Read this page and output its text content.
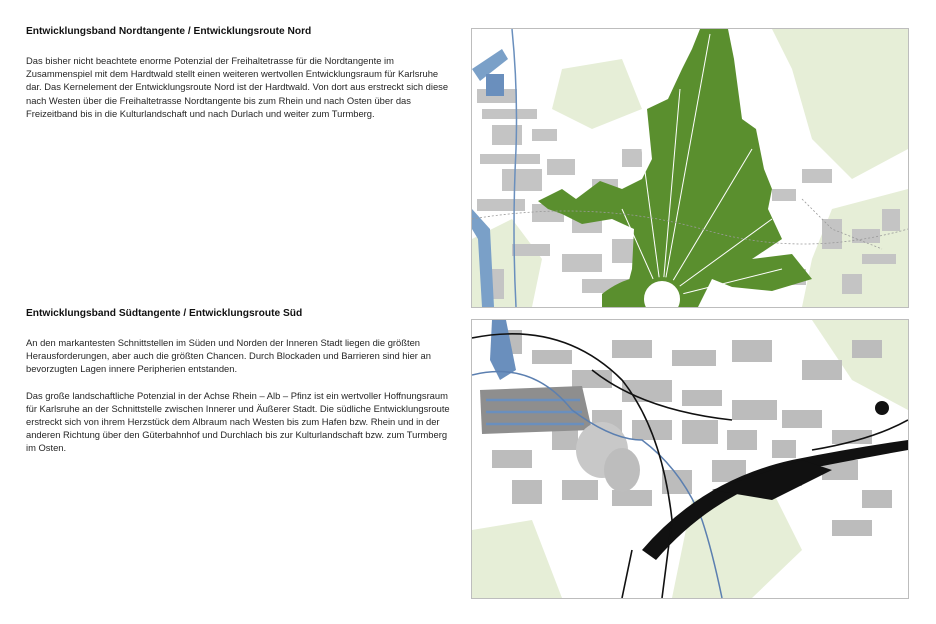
Entwicklungsband Nordtangente / Entwicklungsroute Nord

Das bisher nicht beachtete enorme Potenzial der Freihaltetrasse für die Nordtangente im Zusammenspiel mit dem Hardtwald stellt einen weiteren wertvollen Entwicklungsraum für Karlsruhe dar. Das Kernelement der Entwicklungsroute Nord ist der Hardtwald. Von dort aus erstreckt sich diese nach Westen über die Freihaltetrasse Nordtangente bis zum Rhein und nach Osten über das Freizeitband bis in die Kulturlandschaft und nach Durlach und weiter zum Turmberg.

Entwicklungsband Südtangente / Entwicklungsroute Süd

An den markantesten Schnittstellen im Süden und Norden der Inneren Stadt liegen die größten Herausforderungen, aber auch die größten Chancen. Durch Blockaden und Barrieren sind hier an bevorzugten Lagen innere Peripherien entstanden.

Das große landschaftliche Potenzial in der Achse Rhein – Alb – Pfinz ist ein wertvoller Hoffnungsraum für Karlsruhe an der Schnittstelle zwischen Innerer und Äußerer Stadt. Die südliche Entwicklungsroute erstreckt sich von ihrem Herzstück dem Albraum nach Westen bis zum Hafen bzw. Rhein und in der anderen Richtung über den Güterbahnhof und Durchlach bis zur Kulturlandschaft bzw. zum Turmberg im Osten.
